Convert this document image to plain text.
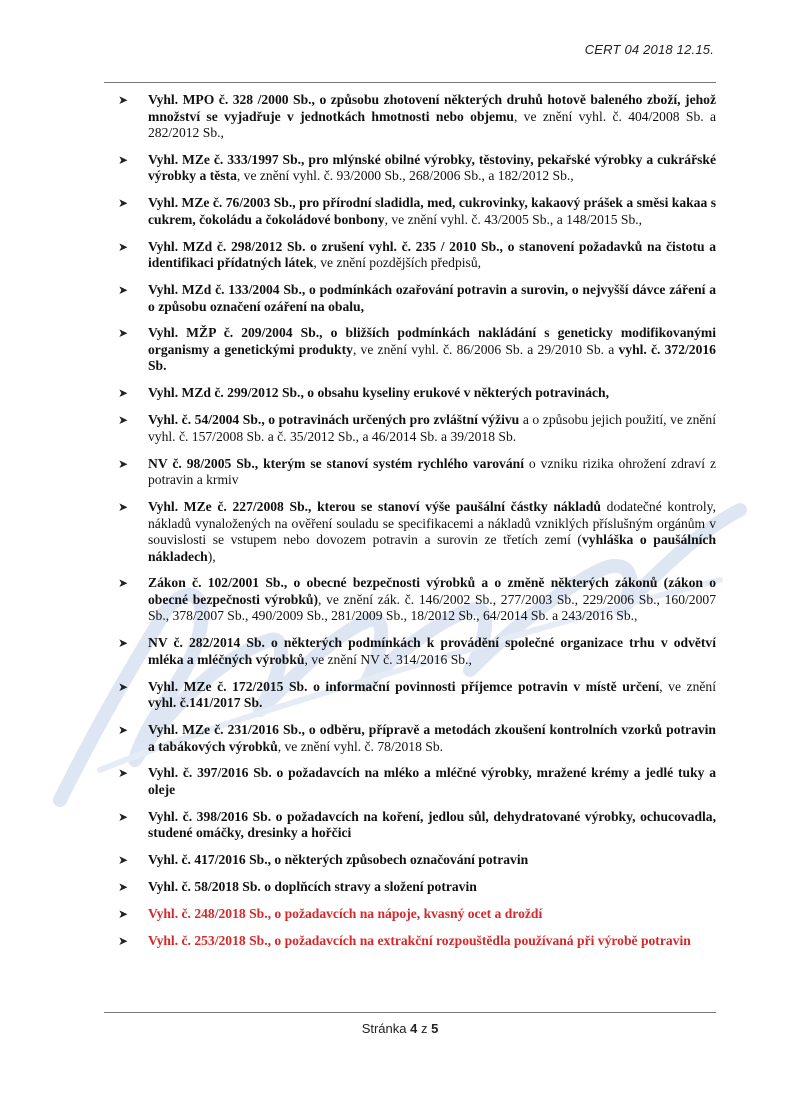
CERT 04 2018 12.15.
➤	Vyhl. MPO č. 328 /2000 Sb., o způsobu zhotovení některých druhů hotově baleného zboží, jehož množství se vyjadřuje v jednotkách hmotnosti nebo objemu, ve znění vyhl. č. 404/2008 Sb. a 282/2012 Sb.,
➤	Vyhl. MZe č. 333/1997 Sb., pro mlýnské obilné výrobky, těstoviny, pekařské výrobky a cukrářské výrobky a těsta, ve znění vyhl. č. 93/2000 Sb., 268/2006 Sb., a 182/2012 Sb.,
➤	Vyhl. MZe č. 76/2003 Sb., pro přírodní sladidla, med, cukrovinky, kakaový prášek a směsi kakaa s cukrem, čokoládu a čokoládové bonbony, ve znění vyhl. č. 43/2005 Sb., a 148/2015 Sb.,
➤	Vyhl. MZd č. 298/2012 Sb. o zrušení vyhl. č. 235 / 2010 Sb., o stanovení požadavků na čistotu a identifikaci přídatných látek, ve znění pozdějších předpisů,
➤	Vyhl. MZd č. 133/2004 Sb., o podmínkách ozařování potravin a surovin, o nejvyšší dávce záření a o způsobu označení ozáření na obalu,
➤	Vyhl. MŽP č. 209/2004 Sb., o bližších podmínkách nakládání s geneticky modifikovanými organismy a genetickými produkty, ve znění vyhl. č. 86/2006 Sb. a 29/2010 Sb. a vyhl. č. 372/2016 Sb.
➤	Vyhl. MZd č. 299/2012 Sb., o obsahu kyseliny erukové v některých potravinách,
➤	Vyhl. č. 54/2004 Sb., o potravinách určených pro zvláštní výživu a o způsobu jejich použití, ve znění vyhl. č. 157/2008 Sb. a č. 35/2012 Sb., a 46/2014 Sb. a 39/2018 Sb.
➤	NV č. 98/2005 Sb., kterým se stanoví systém rychlého varování o vzniku rizika ohrožení zdraví z potravin a krmiv
➤	Vyhl. MZe č. 227/2008 Sb., kterou se stanoví výše paušální částky nákladů dodatečné kontroly, nákladů vynaložených na ověření souladu se specifikacemi a nákladů vzniklých příslušným orgánům v souvislosti se vstupem nebo dovozem potravin a surovin ze třetích zemí (vyhláška o paušálních nákladech),
➤	Zákon č. 102/2001 Sb., o obecné bezpečnosti výrobků a o změně některých zákonů (zákon o obecné bezpečnosti výrobků), ve znění zák. č. 146/2002 Sb., 277/2003 Sb., 229/2006 Sb., 160/2007 Sb., 378/2007 Sb., 490/2009 Sb., 281/2009 Sb., 18/2012 Sb., 64/2014 Sb. a 243/2016 Sb.,
➤	NV č. 282/2014 Sb. o některých podmínkách k provádění společné organizace trhu v odvětví mléka a mléčných výrobků, ve znění NV č. 314/2016 Sb.,
➤	Vyhl. MZe č. 172/2015 Sb. o informační povinnosti příjemce potravin v místě určení, ve znění vyhl. č.141/2017 Sb.
➤	Vyhl. MZe č. 231/2016 Sb., o odběru, přípravě a metodách zkoušení kontrolních vzorků potravin a tabákových výrobků, ve znění vyhl. č. 78/2018 Sb.
➤	Vyhl. č. 397/2016 Sb. o požadavcích na mléko a mléčné výrobky, mražené krémy a jedlé tuky a oleje
➤	Vyhl. č. 398/2016 Sb. o požadavcích na koření, jedlou sůl, dehydratované výrobky, ochucovadla, studené omáčky, dresinky a hořčici
➤	Vyhl. č. 417/2016 Sb., o některých způsobech označování potravin
➤	Vyhl. č. 58/2018 Sb. o doplňcích stravy a složení potravin
➤	Vyhl. č. 248/2018 Sb., o požadavcích na nápoje, kvasný ocet a droždí
➤	Vyhl. č. 253/2018 Sb., o požadavcích na extrakční rozpouštědla používaná při výrobě potravin
Stránka 4 z 5
